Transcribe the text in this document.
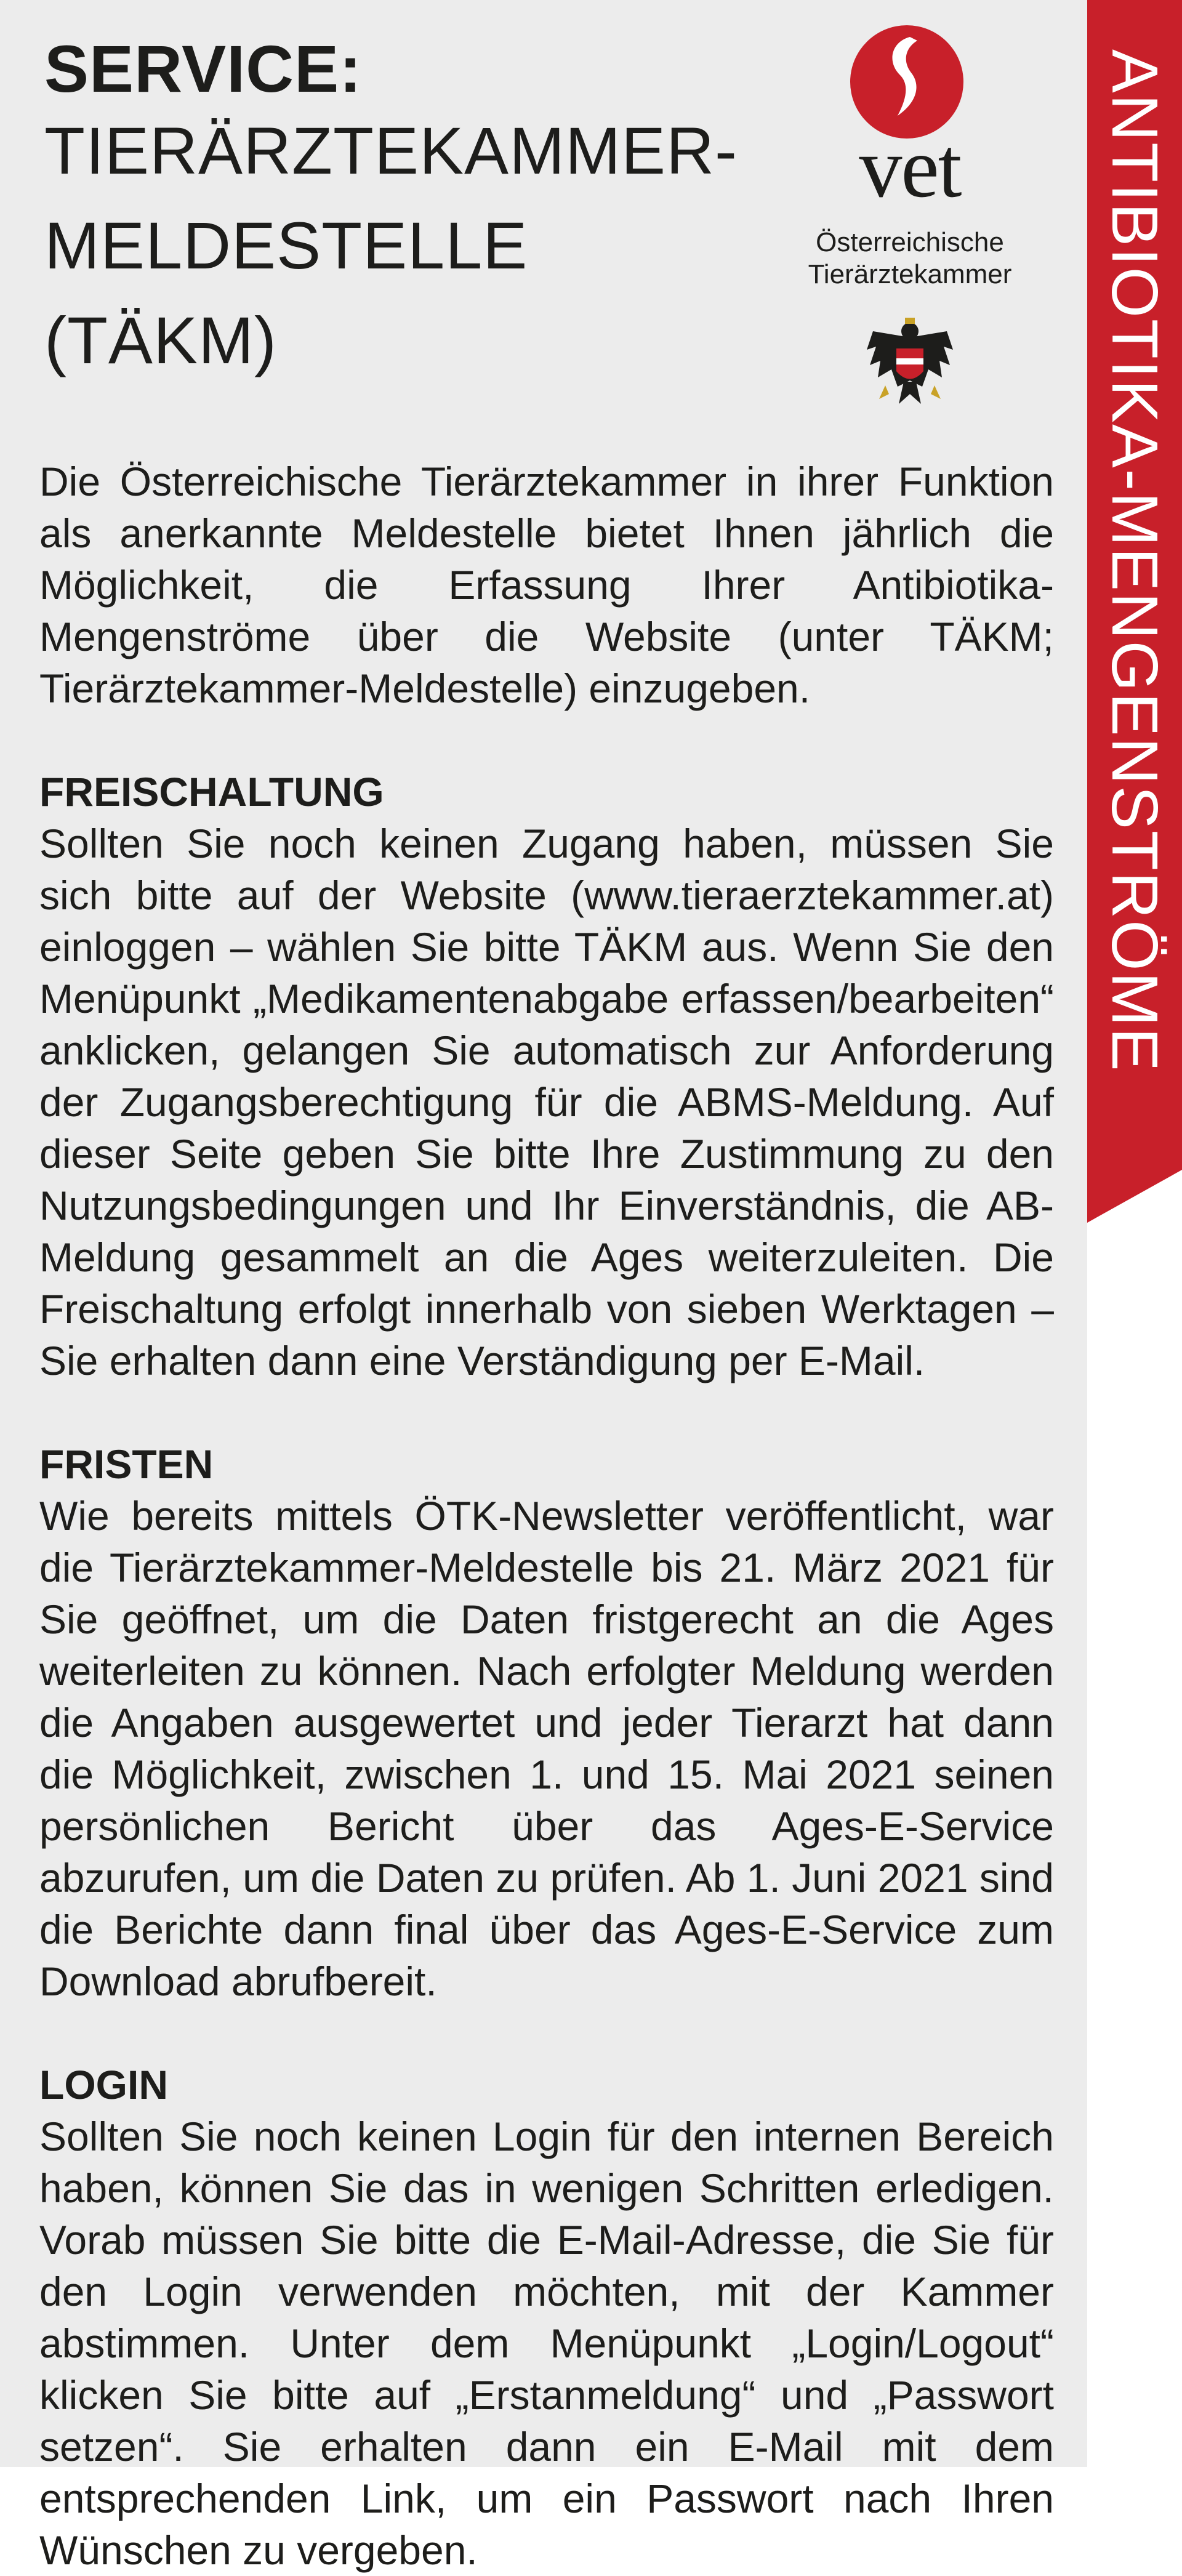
SERVICE:

TIERÄRZTEKAMMER-

MELDESTELLE

(TÄKM)

vet
Österreichische
Tierärztekammer

Die Österreichische Tierärztekammer in ihrer Funktion als anerkannte Meldestelle bietet Ihnen jährlich die Möglichkeit, die Erfassung Ihrer Antibiotika-Mengenströme über die Website (unter TÄKM; Tierärztekammer-Meldestelle) einzugeben.

FREISCHALTUNG

Sollten Sie noch keinen Zugang haben, müssen Sie sich bitte auf der Website (www.tieraerztekammer.at) einloggen – wählen Sie bitte TÄKM aus. Wenn Sie den Menüpunkt „Medikamentenabgabe erfassen/bearbeiten“ anklicken, gelangen Sie automatisch zur Anforderung der Zugangsberechtigung für die ABMS-Meldung. Auf dieser Seite geben Sie bitte Ihre Zustimmung zu den Nutzungsbedingungen und Ihr Einverständnis, die AB-Meldung gesammelt an die Ages weiterzuleiten. Die Freischaltung erfolgt innerhalb von sieben Werktagen – Sie erhalten dann eine Verständigung per E-Mail.

FRISTEN

Wie bereits mittels ÖTK-Newsletter veröffentlicht, war die Tierärztekammer-Meldestelle bis 21. März 2021 für Sie geöffnet, um die Daten fristgerecht an die Ages weiterleiten zu können. Nach erfolgter Meldung werden die Angaben ausgewertet und jeder Tierarzt hat dann die Möglichkeit, zwischen 1. und 15. Mai 2021 seinen persönlichen Bericht über das Ages-E-Service abzurufen, um die Daten zu prüfen. Ab 1. Juni 2021 sind die Berichte dann final über das Ages-E-Service zum Download abrufbereit.

LOGIN

Sollten Sie noch keinen Login für den internen Bereich haben, können Sie das in wenigen Schritten erledigen. Vorab müssen Sie bitte die E-Mail-Adresse, die Sie für den Login verwenden möchten, mit der Kammer abstimmen. Unter dem Menüpunkt „Login/Logout“ klicken Sie bitte auf „Erstanmeldung“ und „Passwort setzen“. Sie erhalten dann ein E-Mail mit dem entsprechenden Link, um ein Passwort nach Ihren Wünschen zu vergeben.

ANTIBIOTIKA-MENGENSTRÖME
